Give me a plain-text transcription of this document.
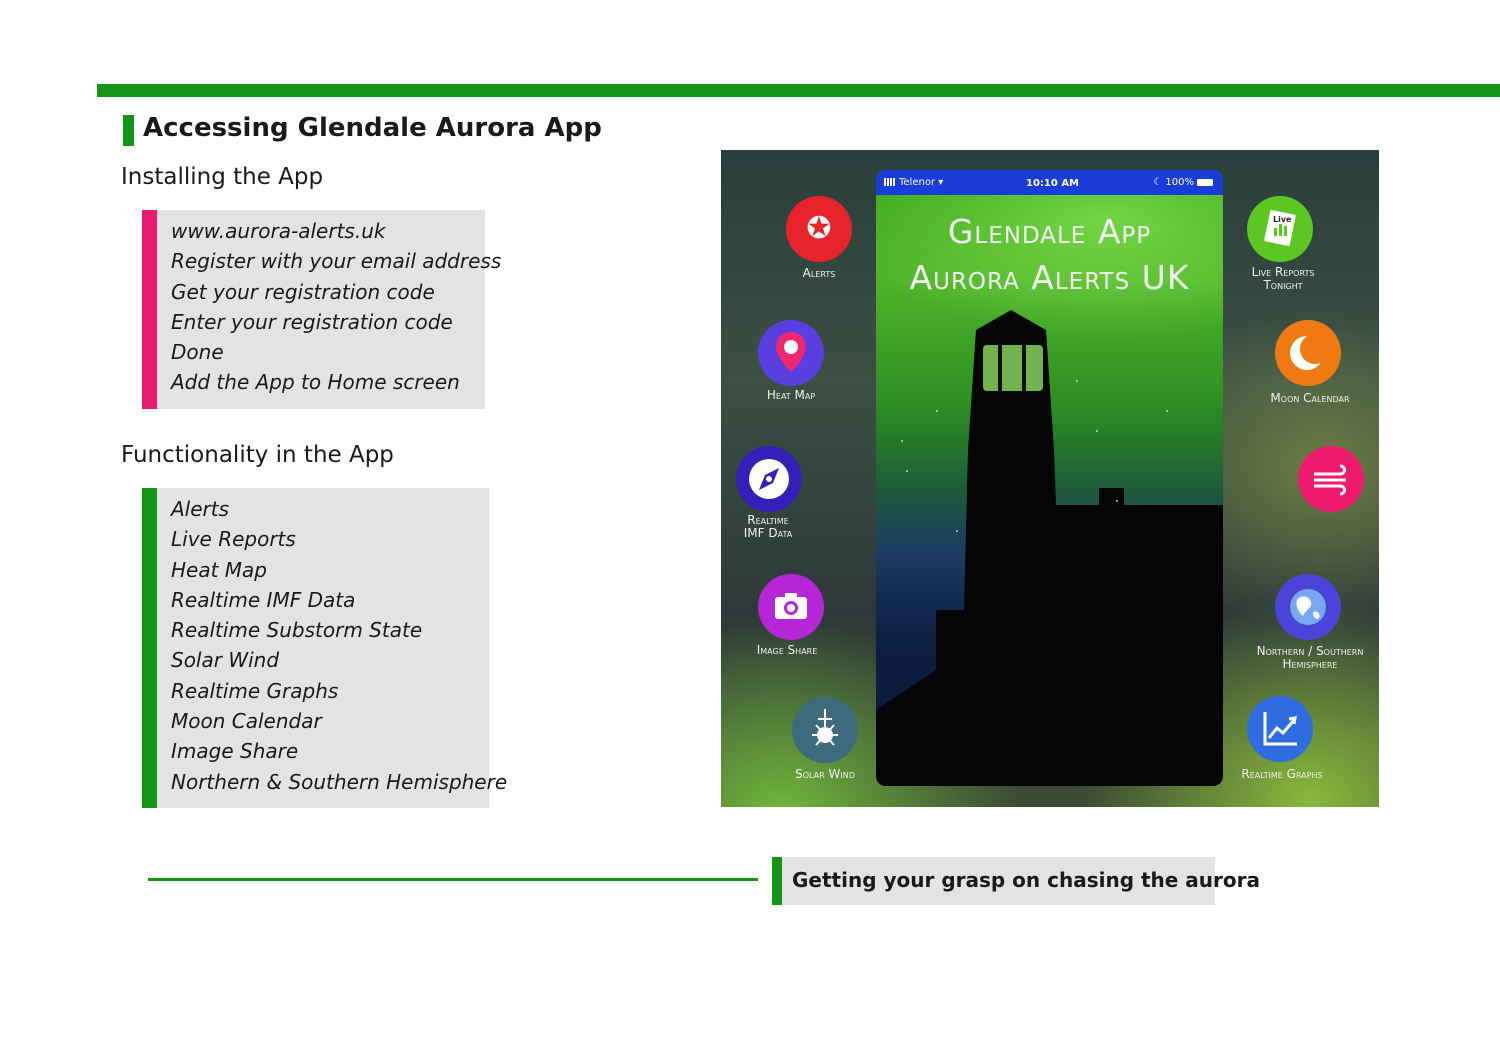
Accessing Glendale Aurora App
Installing the App
www.aurora-alerts.uk
Register with your email address
Get your registration code
Enter your registration code
Done
Add the App to Home screen
Functionality in the App
Alerts
Live Reports
Heat Map
Realtime IMF Data
Realtime Substorm State
Solar Wind
Realtime Graphs
Moon Calendar
Image Share
Northern & Southern Hemisphere
Telenor ▾	10:10 AM	☾ 100%
Glendale App
Aurora Alerts UK
✪
Alerts
Heat Map
Realtime
IMF Data
Image Share
Solar Wind
Live
Live Reports
Tonight
Moon Calendar
Northern / Southern
Hemisphere
Realtime Graphs
Getting your grasp on chasing the aurora
